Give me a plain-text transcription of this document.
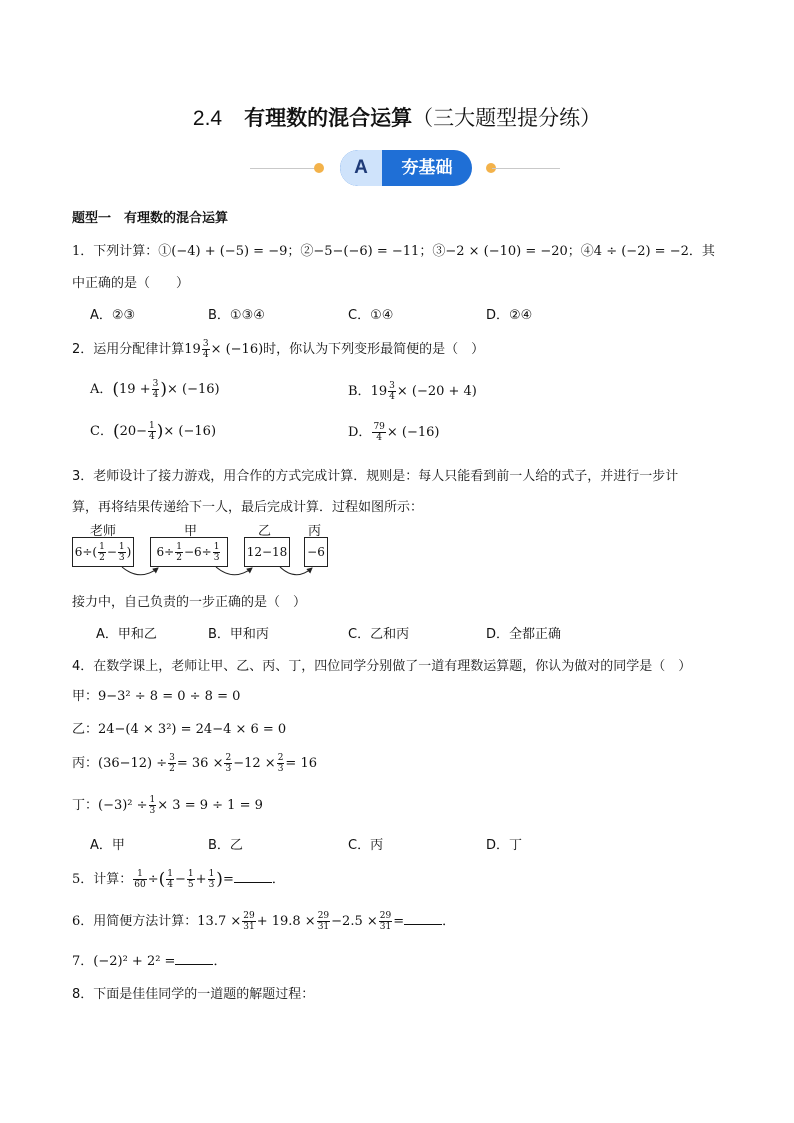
2.4 有理数的混合运算（三大题型提分练）
A	夯基础
题型一　有理数的混合运算
1．下列计算：①(−4) + (−5) = −9；②−5−(−6) = −11；③−2 × (−10) = −20；④4 ÷ (−2) = −2．其
中正确的是（　　）
A．②③	B．①③④	C．①④	D．②④
2．运用分配律计算$19 \frac{3}{4} \times (-16)$时，你认为下列变形最简便的是（　）
A．($19 + \frac{3}{4}$ )× (−16)	B．$19 \frac{3}{4} \times (-20 + 4)$
C．($20- \frac{1}{4}$ )× (−16)	D． $\frac{79}{4} \times (-16)$
3．老师设计了接力游戏，用合作的方式完成计算．规则是：每人只能看到前一人给的式子，并进行一步计
算，再将结果传递给下一人，最后完成计算．过程如图所示：
老师	甲	乙	丙
$6\div( \frac{1}{2} - \frac{1}{3}$ ) $6\div \frac{1}{2} -6\div \frac{1}{3} 12-18 -6$
接力中，自己负责的一步正确的是（　）
A．甲和乙	B．甲和丙	C．乙和丙	D．全都正确
4．在数学课上，老师让甲、乙、丙、丁，四位同学分别做了一道有理数运算题，你认为做对的同学是（　）
甲：9−3² ÷ 8 = 0 ÷ 8 = 0
乙：24−(4 × 3²) = 24−4 × 6 = 0
丙：$(36-12) \div \frac{3}{2} = 36 \times \frac{2}{3} -12 \times \frac{2}{3} = 16$
丁：$(-3)^2 \div \frac{1}{3} \times 3 = 9 \div 1 = 9$
A．甲	B．乙	C．丙	D．丁
5．计算： $\frac{1}{60}$ ÷( $\frac{1}{4} - \frac{1}{5} + \frac{1}{3}$ )=	．
6．用简便方法计算：$13.7 \times \frac{29}{31} + 19.8 \times \frac{29}{31} -2.5 \times \frac{29}{31}$ =	．
7．(−2)² + 2² =	．
8．下面是佳佳同学的一道题的解题过程：
